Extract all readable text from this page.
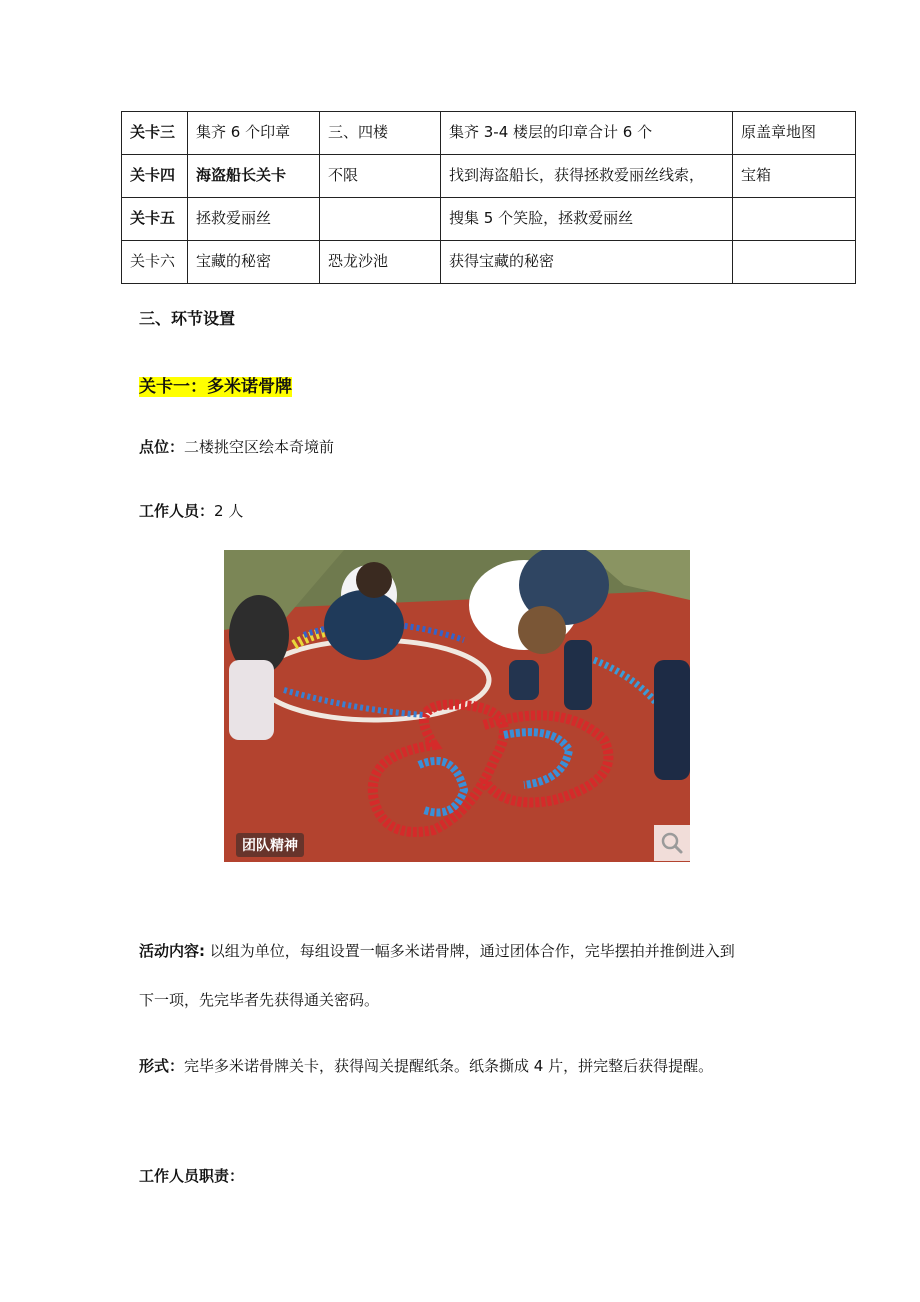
关卡三	集齐 6 个印章	三、四楼	集齐 3-4 楼层的印章合计 6 个	原盖章地图
关卡四	海盗船长关卡	不限	找到海盗船长，获得拯救爱丽丝线索，	宝箱
关卡五	拯救爱丽丝		搜集 5 个笑脸，拯救爱丽丝	
关卡六	宝藏的秘密	恐龙沙池	获得宝藏的秘密	
三、环节设置
关卡一：多米诺骨牌
点位：二楼挑空区绘本奇境前
工作人员：2 人
团队精神
活动内容: 以组为单位，每组设置一幅多米诺骨牌，通过团体合作，完毕摆拍并推倒进入到
下一项，先完毕者先获得通关密码。
形式：完毕多米诺骨牌关卡，获得闯关提醒纸条。纸条撕成 4 片，拼完整后获得提醒。
工作人员职责：
